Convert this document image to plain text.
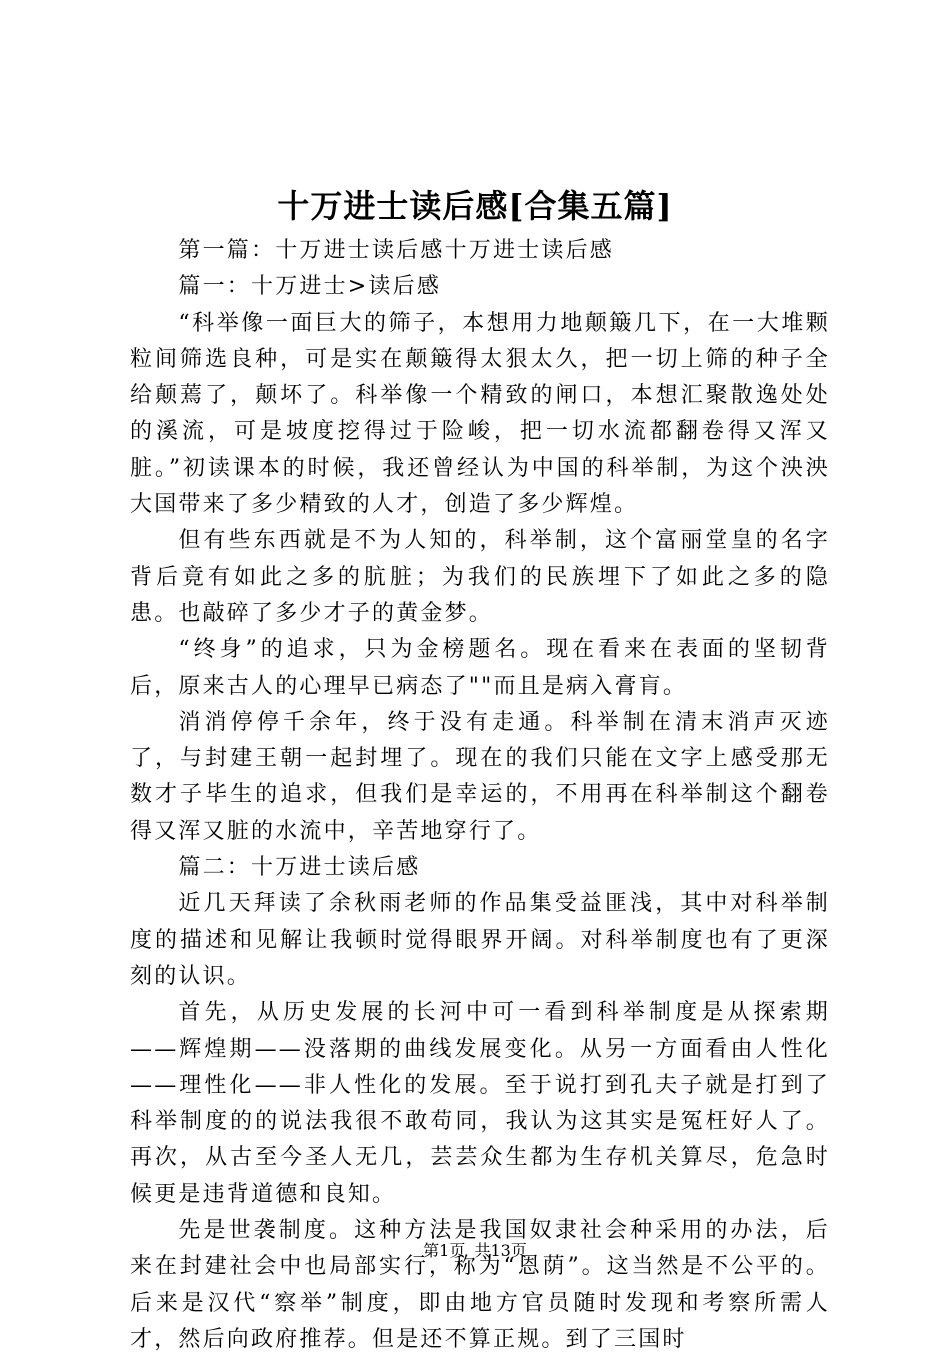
十万进士读后感[合集五篇]

第一篇：十万进士读后感十万进士读后感

篇一：十万进士>读后感

“科举像一面巨大的筛子，本想用力地颠簸几下，在一大堆颗粒间筛选良种，可是实在颠簸得太狠太久，把一切上筛的种子全给颠蔫了，颠坏了。科举像一个精致的闸口，本想汇聚散逸处处的溪流，可是坡度挖得过于险峻，把一切水流都翻卷得又浑又脏。”初读课本的时候，我还曾经认为中国的科举制，为这个泱泱大国带来了多少精致的人才，创造了多少辉煌。

但有些东西就是不为人知的，科举制，这个富丽堂皇的名字背后竟有如此之多的肮脏；为我们的民族埋下了如此之多的隐患。也敲碎了多少才子的黄金梦。

“终身”的追求，只为金榜题名。现在看来在表面的坚韧背后，原来古人的心理早已病态了""而且是病入膏肓。

消消停停千余年，终于没有走通。科举制在清末消声灭迹了，与封建王朝一起封埋了。现在的我们只能在文字上感受那无数才子毕生的追求，但我们是幸运的，不用再在科举制这个翻卷得又浑又脏的水流中，辛苦地穿行了。

篇二：十万进士读后感

近几天拜读了余秋雨老师的作品集受益匪浅，其中对科举制度的描述和见解让我顿时觉得眼界开阔。对科举制度也有了更深刻的认识。

首先，从历史发展的长河中可一看到科举制度是从探索期——辉煌期——没落期的曲线发展变化。从另一方面看由人性化——理性化——非人性化的发展。至于说打到孔夫子就是打到了科举制度的的说法我很不敢苟同，我认为这其实是冤枉好人了。再次，从古至今圣人无几，芸芸众生都为生存机关算尽，危急时候更是违背道德和良知。

先是世袭制度。这种方法是我国奴隶社会种采用的办法，后来在封建社会中也局部实行，称为“恩荫”。这当然是不公平的。后来是汉代“察举”制度，即由地方官员随时发现和考察所需人才，然后向政府推荐。但是还不算正规。到了三国时

第1页 共13页
